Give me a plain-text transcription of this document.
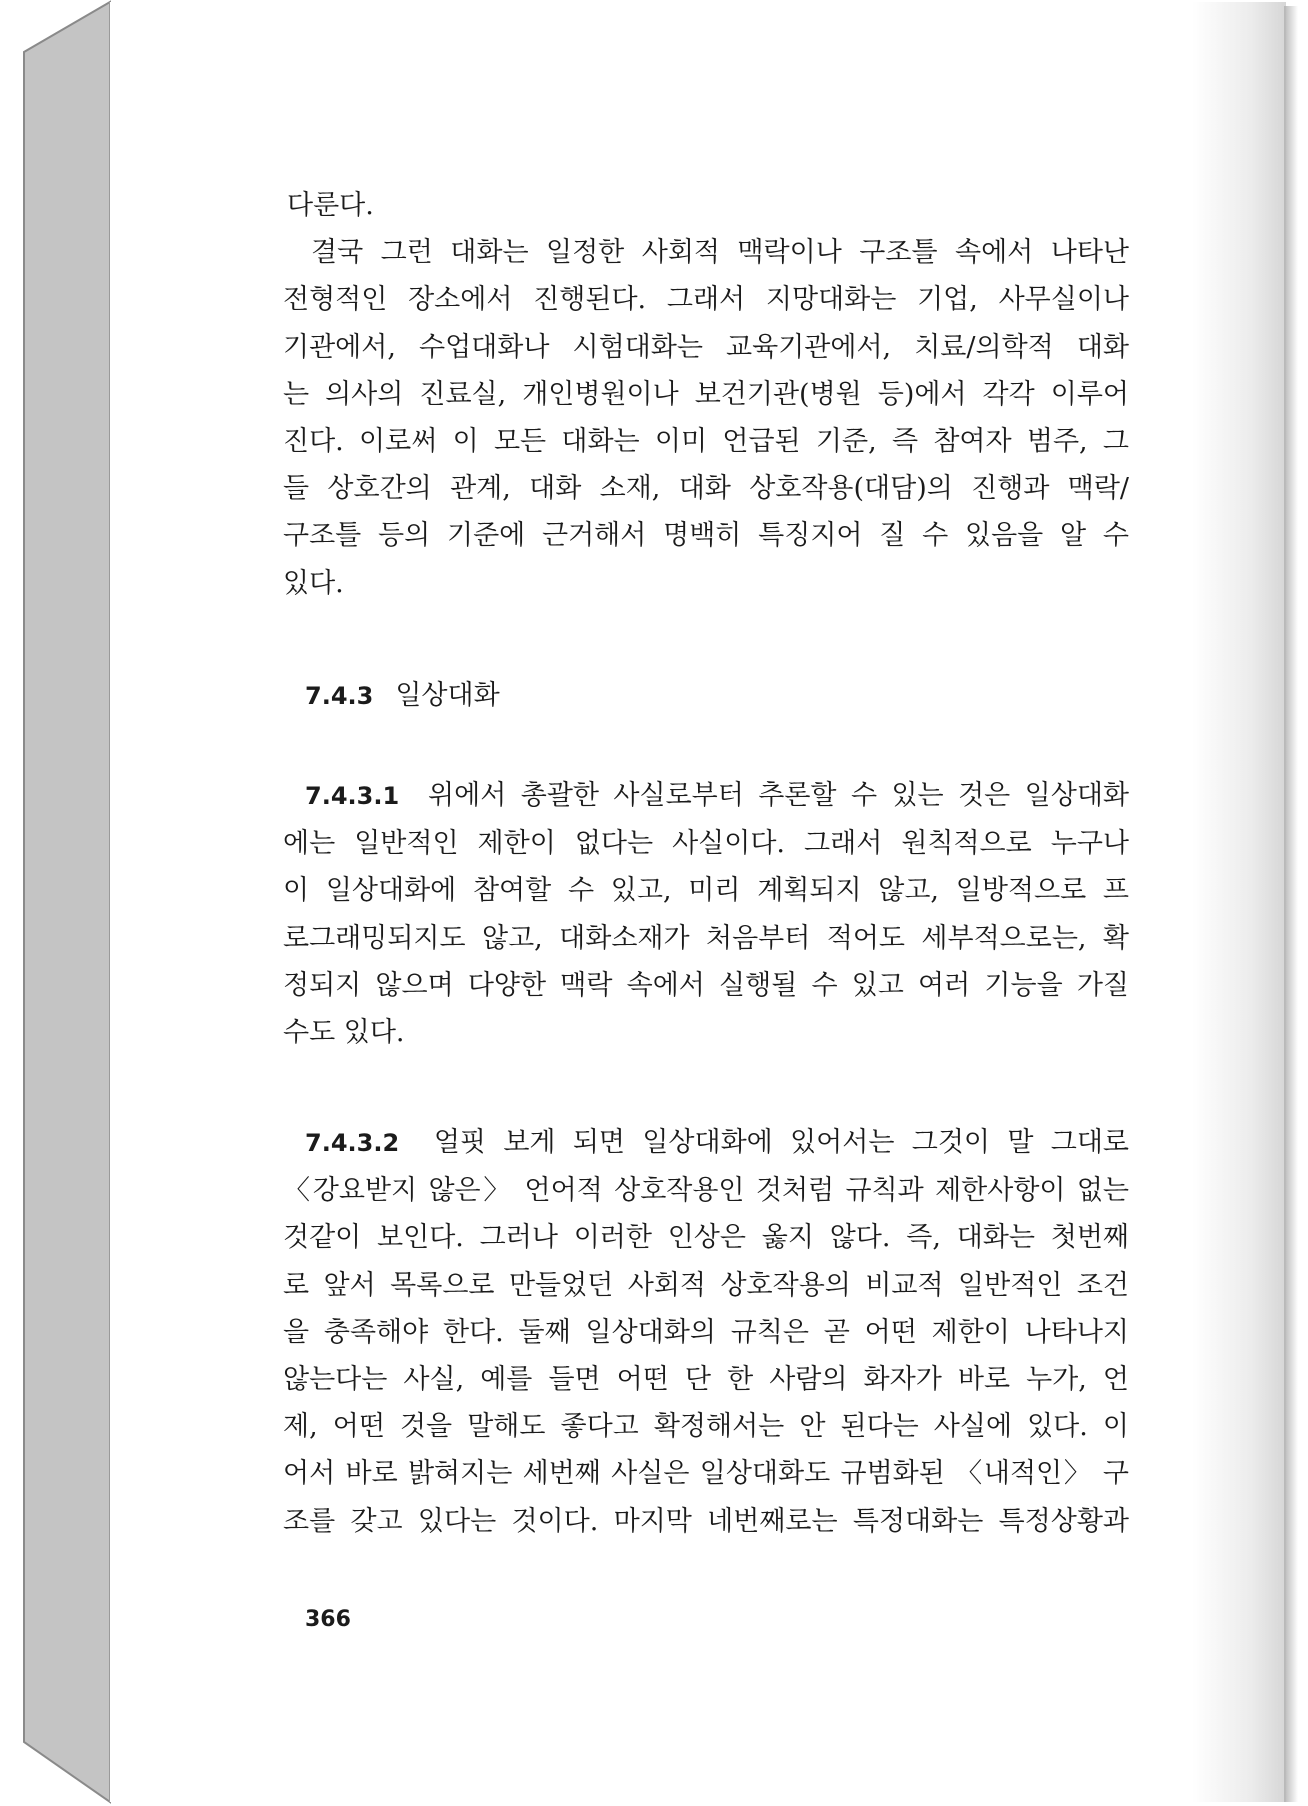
다룬다.

결국 그런 대화는 일정한 사회적 맥락이나 구조틀 속에서 나타난

전형적인 장소에서 진행된다. 그래서 지망대화는 기업, 사무실이나

기관에서, 수업대화나 시험대화는 교육기관에서, 치료/의학적 대화

는 의사의 진료실, 개인병원이나 보건기관(병원 등)에서 각각 이루어

진다. 이로써 이 모든 대화는 이미 언급된 기준, 즉 참여자 범주, 그

들 상호간의 관계, 대화 소재, 대화 상호작용(대담)의 진행과 맥락/

구조틀 등의 기준에 근거해서 명백히 특징지어 질 수 있음을 알 수

있다.

7.4.3 일상대화

7.4.3.1 위에서 총괄한 사실로부터 추론할 수 있는 것은 일상대화

에는 일반적인 제한이 없다는 사실이다. 그래서 원칙적으로 누구나

이 일상대화에 참여할 수 있고, 미리 계획되지 않고, 일방적으로 프

로그래밍되지도 않고, 대화소재가 처음부터 적어도 세부적으로는, 확

정되지 않으며 다양한 맥락 속에서 실행될 수 있고 여러 기능을 가질

수도 있다.

7.4.3.2 얼핏 보게 되면 일상대화에 있어서는 그것이 말 그대로

〈강요받지 않은〉 언어적 상호작용인 것처럼 규칙과 제한사항이 없는

것같이 보인다. 그러나 이러한 인상은 옳지 않다. 즉, 대화는 첫번째

로 앞서 목록으로 만들었던 사회적 상호작용의 비교적 일반적인 조건

을 충족해야 한다. 둘째 일상대화의 규칙은 곧 어떤 제한이 나타나지

않는다는 사실, 예를 들면 어떤 단 한 사람의 화자가 바로 누가, 언

제, 어떤 것을 말해도 좋다고 확정해서는 안 된다는 사실에 있다. 이

어서 바로 밝혀지는 세번째 사실은 일상대화도 규범화된 〈내적인〉 구

조를 갖고 있다는 것이다. 마지막 네번째로는 특정대화는 특정상황과

366
